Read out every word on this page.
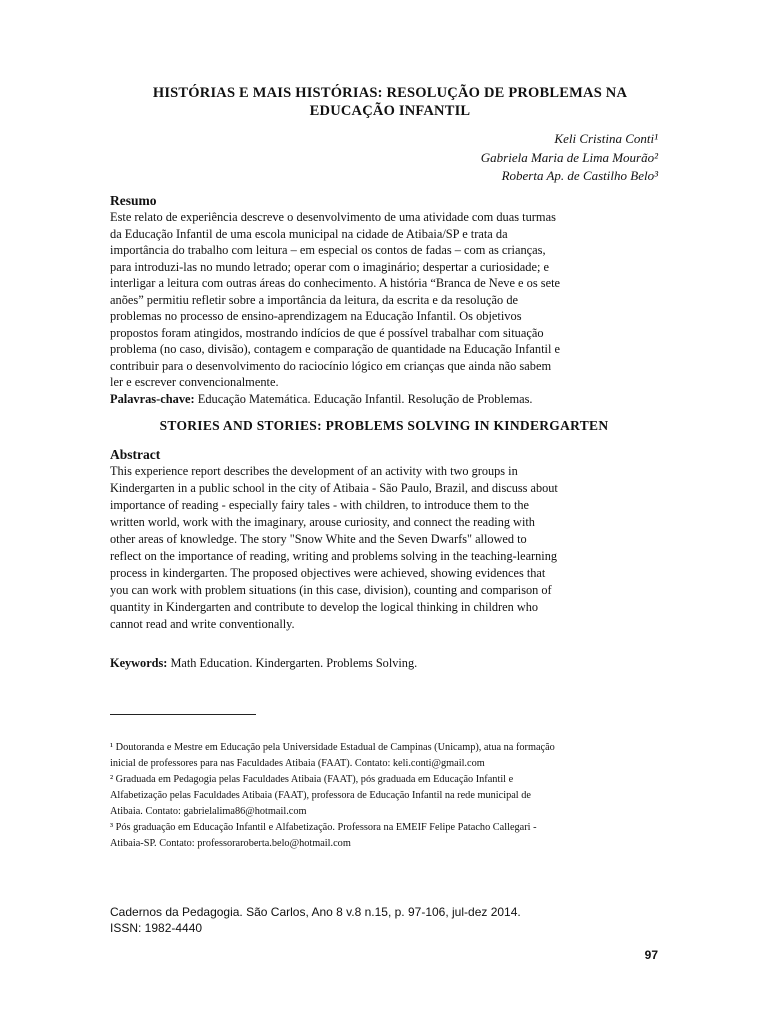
HISTÓRIAS E MAIS HISTÓRIAS: RESOLUÇÃO DE PROBLEMAS NA
EDUCAÇÃO INFANTIL
Keli Cristina Conti¹
Gabriela Maria de Lima Mourão²
Roberta Ap. de Castilho Belo³
Resumo

Este relato de experiência descreve o desenvolvimento de uma atividade com duas turmas

da Educação Infantil de uma escola municipal na cidade de Atibaia/SP e trata da

importância do trabalho com leitura – em especial os contos de fadas – com as crianças,

para introduzi-las no mundo letrado; operar com o imaginário; despertar a curiosidade; e

interligar a leitura com outras áreas do conhecimento. A história “Branca de Neve e os sete

anões” permitiu refletir sobre a importância da leitura, da escrita e da resolução de

problemas no processo de ensino-aprendizagem na Educação Infantil. Os objetivos

propostos foram atingidos, mostrando indícios de que é possível trabalhar com situação

problema (no caso, divisão), contagem e comparação de quantidade na Educação Infantil e

contribuir para o desenvolvimento do raciocínio lógico em crianças que ainda não sabem

ler e escrever convencionalmente.

Palavras-chave: Educação Matemática. Educação Infantil. Resolução de Problemas.

STORIES AND STORIES: PROBLEMS SOLVING IN KINDERGARTEN
Abstract

This experience report describes the development of an activity with two groups in

Kindergarten in a public school in the city of Atibaia - São Paulo, Brazil, and discuss about

importance of reading - especially fairy tales - with children, to introduce them to the

written world, work with the imaginary, arouse curiosity, and connect the reading with

other areas of knowledge. The story "Snow White and the Seven Dwarfs" allowed to

reflect on the importance of reading, writing and problems solving in the teaching-learning

process in kindergarten. The proposed objectives were achieved, showing evidences that

you can work with problem situations (in this case, division), counting and comparison of

quantity in Kindergarten and contribute to develop the logical thinking in children who

cannot read and write conventionally.

Keywords: Math Education. Kindergarten. Problems Solving.

¹ Doutoranda e Mestre em Educação pela Universidade Estadual de Campinas (Unicamp), atua na formação

inicial de professores para nas Faculdades Atibaia (FAAT). Contato: keli.conti@gmail.com

² Graduada em Pedagogia pelas Faculdades Atibaia (FAAT), pós graduada em Educação Infantil e

Alfabetização pelas Faculdades Atibaia (FAAT), professora de Educação Infantil na rede municipal de

Atibaia. Contato: gabrielalima86@hotmail.com

³ Pós graduação em Educação Infantil e Alfabetização. Professora na EMEIF Felipe Patacho Callegari -

Atibaia-SP. Contato: professoraroberta.belo@hotmail.com

Cadernos da Pedagogia. São Carlos, Ano 8 v.8 n.15, p. 97-106, jul-dez 2014.
ISSN: 1982-4440
97
